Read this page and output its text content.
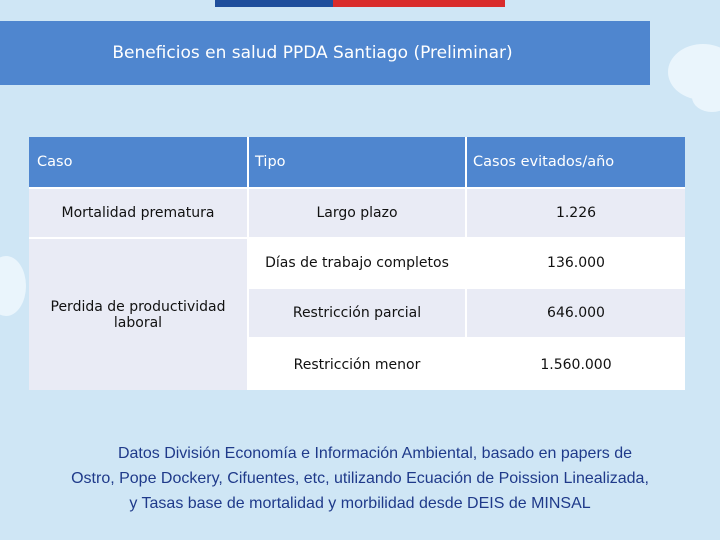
Beneficios en salud PPDA Santiago (Preliminar)
Caso	Tipo	Casos evitados/año
Mortalidad prematura	Largo plazo	1.226
Perdida de productividad laboral
Días de trabajo completos	136.000
Restricción parcial	646.000
Restricción menor	1.560.000
Datos División Economía e Información Ambiental, basado en papers de
Ostro, Pope Dockery, Cifuentes, etc, utilizando Ecuación de Poission Linealizada,
y Tasas base de mortalidad y morbilidad desde DEIS de MINSAL
